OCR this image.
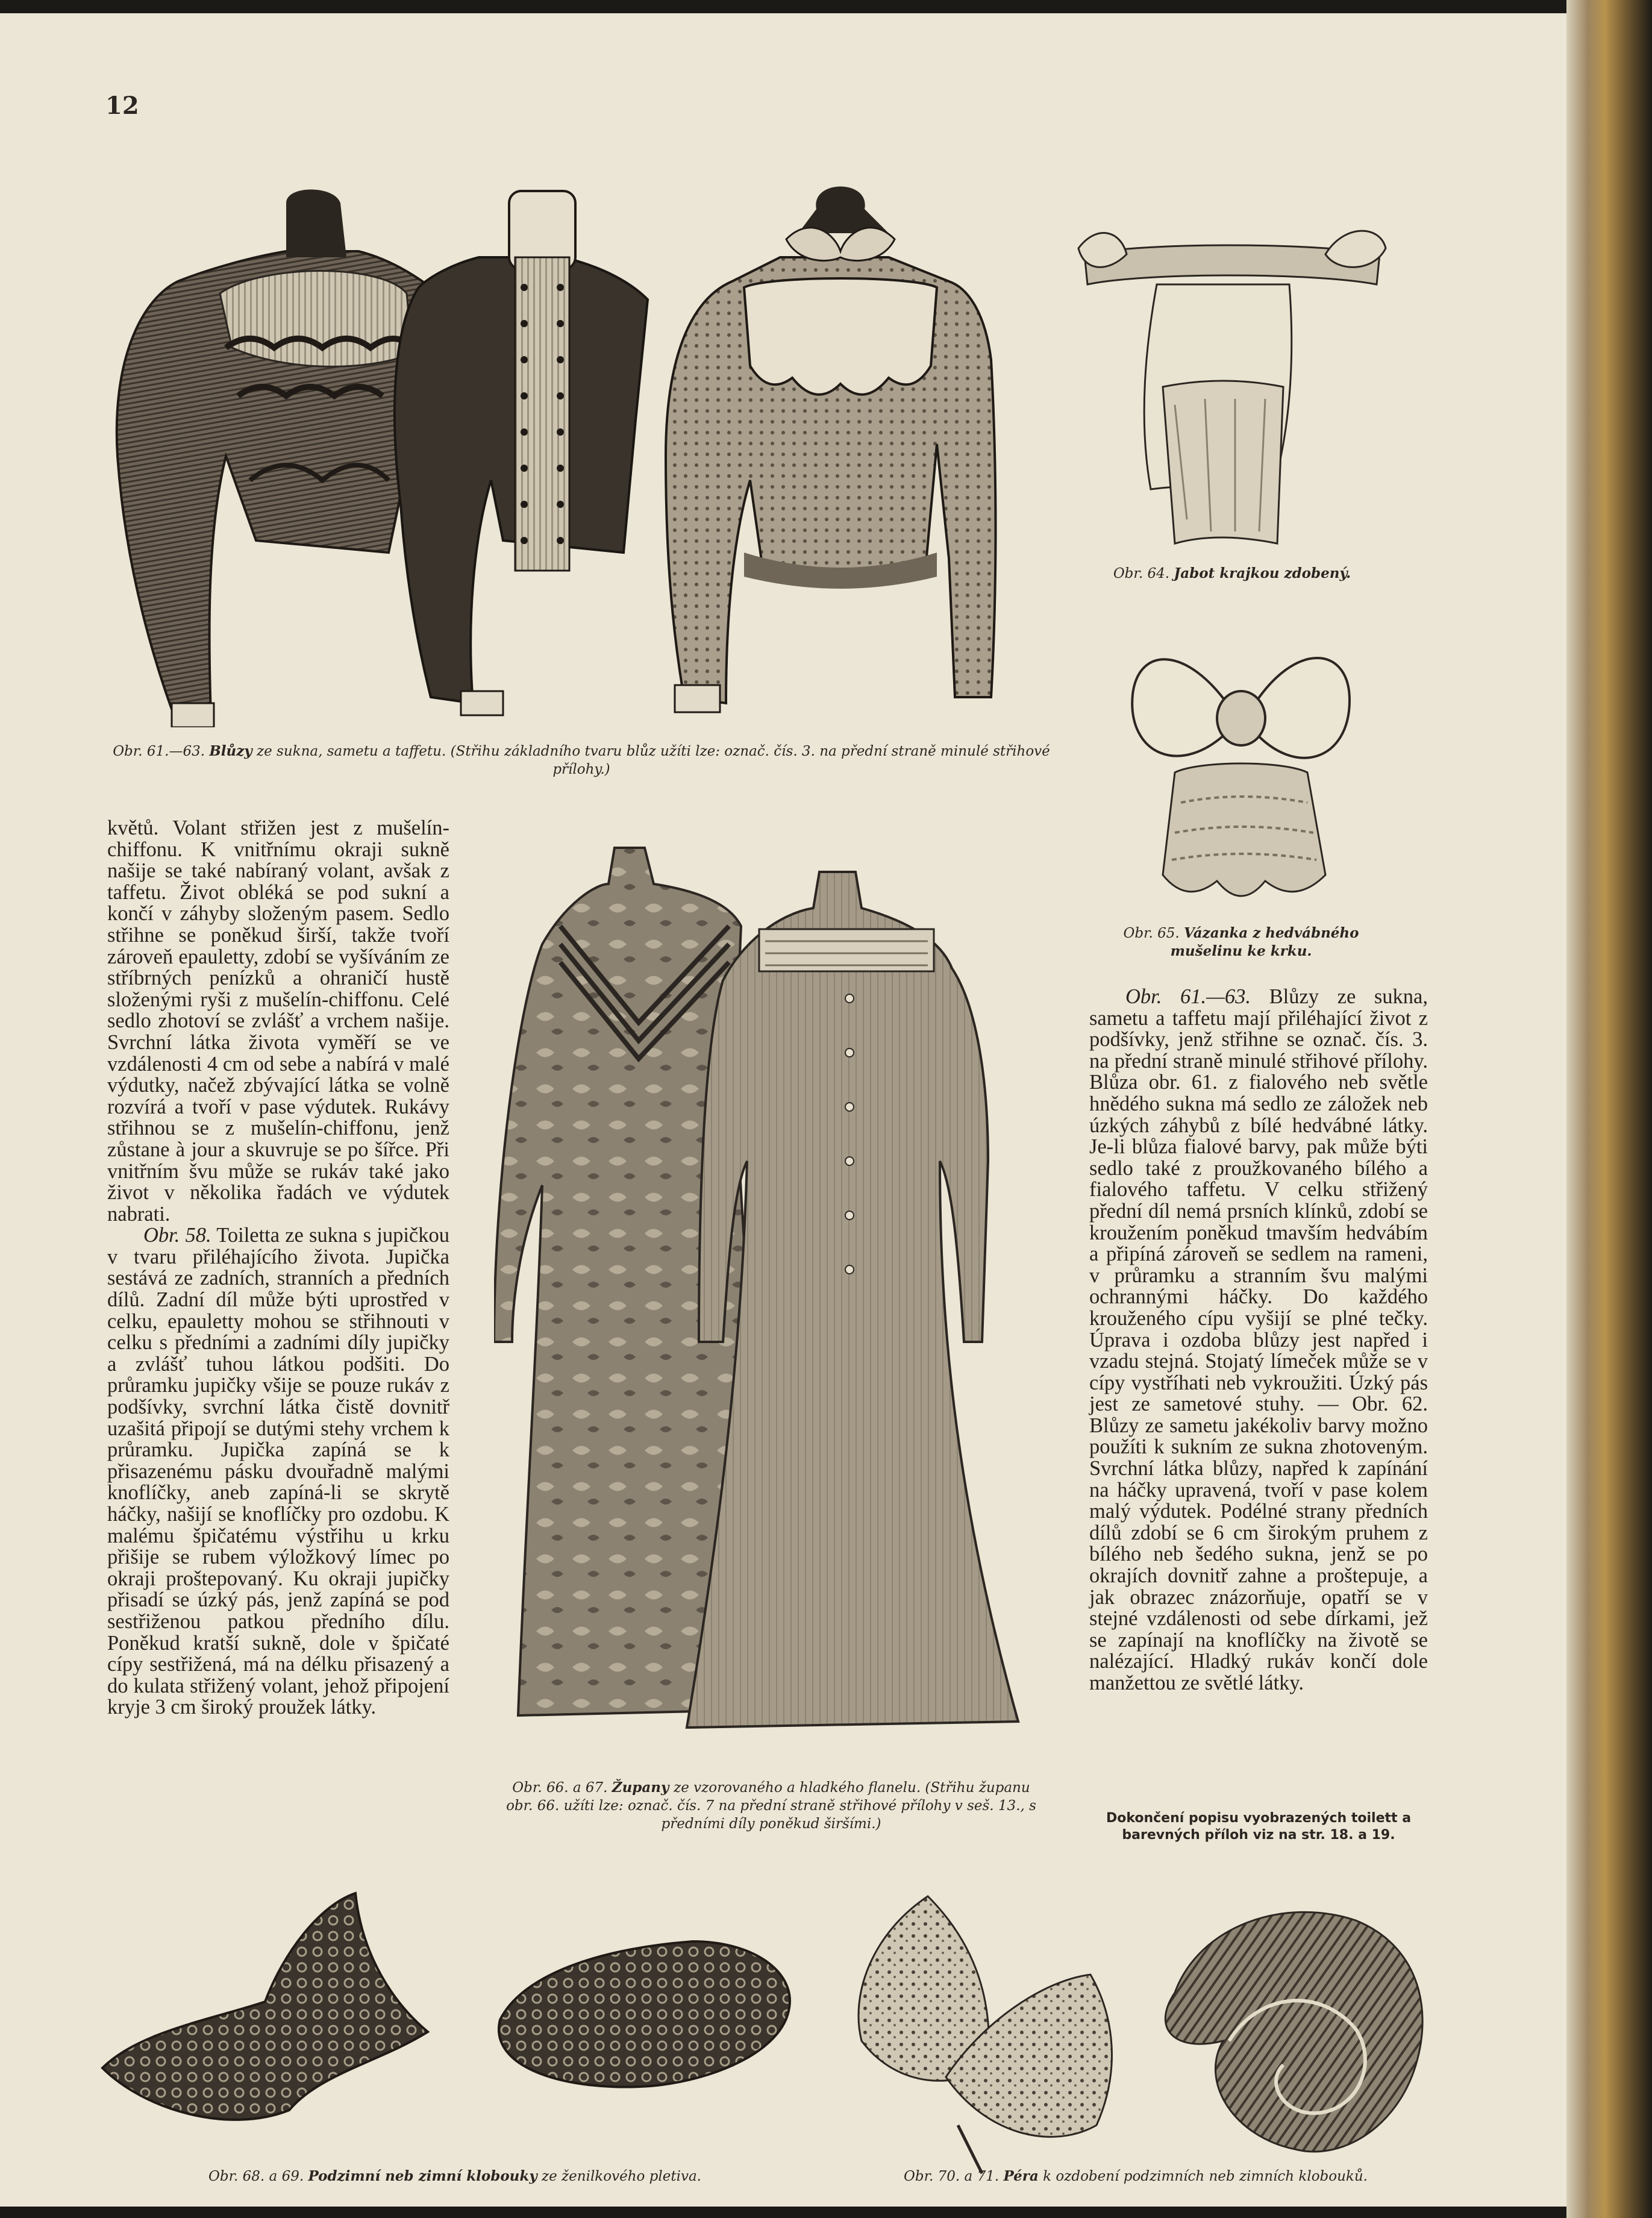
12
Obr. 61.—63. Blůzy ze sukna, sametu a taffetu. (Střihu základního tvaru blůz užíti lze: označ. čís. 3. na přední straně minulé střihové přílohy.)
Obr. 64. Jabot krajkou zdobený.
Obr. 65. Vázanka z hedvábného mušelinu ke krku.

květů. Volant střižen jest z mušelín-chiffonu. K vnitřnímu okraji sukně našije se také nabíraný volant, avšak z taffetu. Život obléká se pod sukní a končí v záhyby složeným pasem. Sedlo střihne se poněkud širší, takže tvoří zároveň epauletty, zdobí se vyšíváním ze stříbrných penízků a ohraničí hustě složenými ryši z mušelín-chiffonu. Celé sedlo zhotoví se zvlášť a vrchem našije. Svrchní látka života vyměří se ve vzdálenosti 4 cm od sebe a nabírá v malé výdutky, načež zbývající látka se volně rozvírá a tvoří v pase výdutek. Rukávy střihnou se z mušelín-chiffonu, jenž zůstane à jour a skuvruje se po šířce. Při vnitřním švu může se rukáv také jako život v několika řadách ve výdutek nabrati.

Obr. 58. Toiletta ze sukna s jupičkou v tvaru přiléhajícího života. Jupička sestává ze zadních, stranních a předních dílů. Zadní díl může býti uprostřed v celku, epauletty mohou se střihnouti v celku s předními a zadními díly jupičky a zvlášť tuhou látkou podšiti. Do průramku jupičky všije se pouze rukáv z podšívky, svrchní látka čistě dovnitř uzašitá připojí se dutými stehy vrchem k průramku. Jupička zapíná se k přisazenému pásku dvouřadně malými knoflíčky, aneb zapíná-li se skrytě háčky, našijí se knoflíčky pro ozdobu. K malému špičatému výstřihu u krku přišije se rubem výložkový límec po okraji proštepovaný. Ku okraji jupičky přisadí se úzký pás, jenž zapíná se pod sestřiženou patkou předního dílu. Poněkud kratší sukně, dole v špičaté cípy sestřižená, má na délku přisazený a do kulata střižený volant, jehož připojení kryje 3 cm široký proužek látky.

Obr. 66. a 67. Županу ze vzorovaného a hladkého flanelu. (Střihu županu obr. 66. užíti lze: označ. čís. 7 na přední straně střihové přílohy v seš. 13., s předními díly poněkud širšími.)

Obr. 61.—63. Blůzy ze sukna, sametu a taffetu mají přiléhající život z podšívky, jenž střihne se označ. čís. 3. na přední straně minulé střihové přílohy. Blůza obr. 61. z fialového neb světle hnědého sukna má sedlo ze záložek neb úzkých záhybů z bílé hedvábné látky. Je-li blůza fialové barvy, pak může býti sedlo také z proužkovaného bílého a fialového taffetu. V celku střižený přední díl nemá prsních klínků, zdobí se kroužením poněkud tmavším hedvábím a připíná zároveň se sedlem na rameni, v průramku a stranním švu malými ochrannými háčky. Do každého krouženého cípu vyšijí se plné tečky. Úprava i ozdoba blůzy jest napřed i vzadu stejná. Stojatý límeček může se v cípy vystříhati neb vykroužiti. Úzký pás jest ze sametové stuhy. — Obr. 62. Blůzy ze sametu jakékoliv barvy možno použíti k sukním ze sukna zhotoveným. Svrchní látka blůzy, napřed k zapínání na háčky upravená, tvoří v pase kolem malý výdutek. Podélné strany předních dílů zdobí se 6 cm širokým pruhem z bílého neb šedého sukna, jenž se po okrajích dovnitř zahne a proštepuje, a jak obrazec znázorňuje, opatří se v stejné vzdálenosti od sebe dírkami, jež se zapínají na knoflíčky na životě se nalézající. Hladký rukáv končí dole manžettou ze světlé látky.

Dokončení popisu vyobrazených toilett a barevných příloh viz na str. 18. a 19.
Obr. 68. a 69. Podzimní neb zimní klobouky ze ženilkového pletiva.	Obr. 70. a 71. Péra k ozdobení podzimních neb zimních klobouků.
